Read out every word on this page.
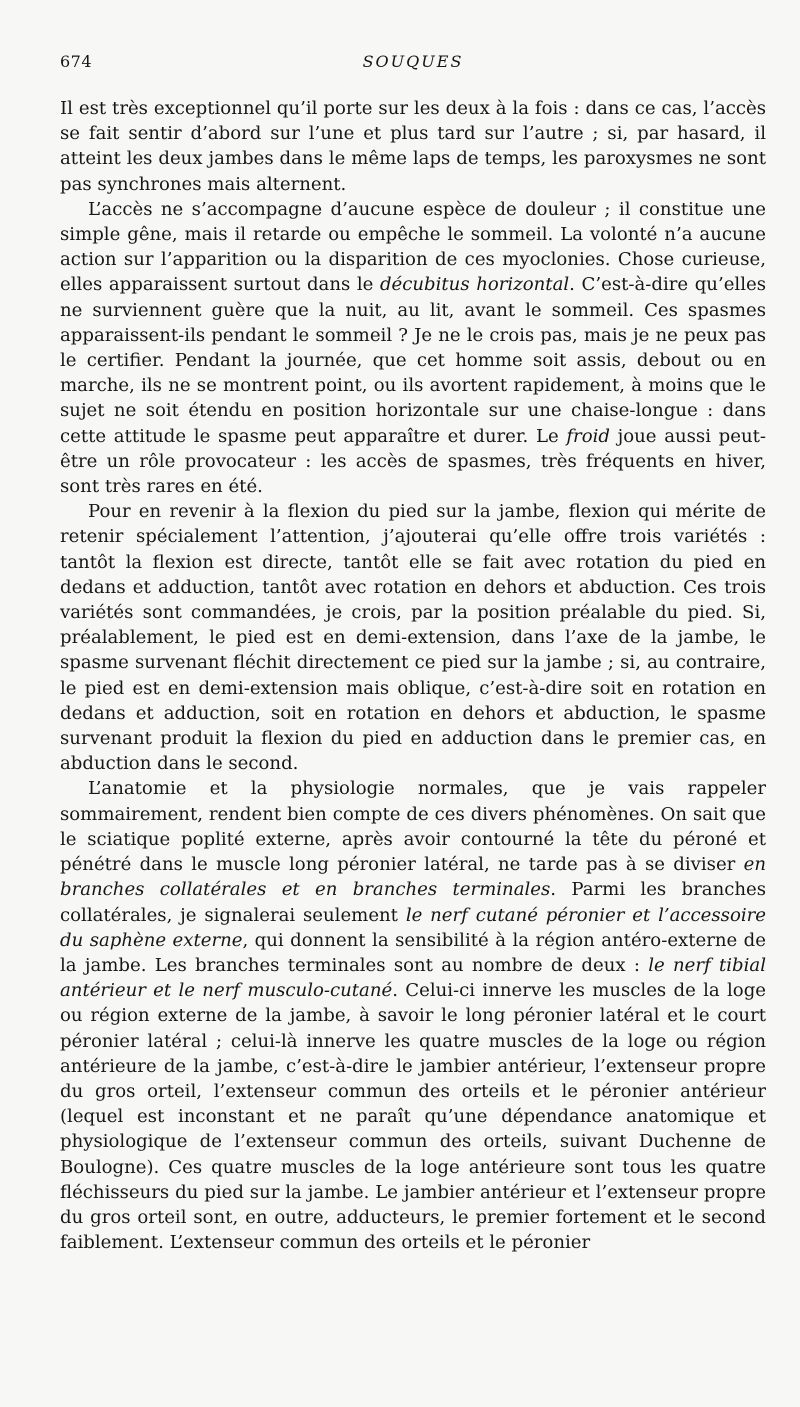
674	SOUQUES

Il est très exceptionnel qu’il porte sur les deux à la fois : dans ce cas, l’accès se fait sentir d’abord sur l’une et plus tard sur l’autre ; si, par hasard, il atteint les deux jambes dans le même laps de temps, les paroxysmes ne sont pas synchrones mais alternent.

L’accès ne s’accompagne d’aucune espèce de douleur ; il constitue une simple gêne, mais il retarde ou empêche le sommeil. La volonté n’a aucune action sur l’apparition ou la disparition de ces myoclonies. Chose curieuse, elles apparaissent surtout dans le décubitus horizontal. C’est-à-dire qu’elles ne surviennent guère que la nuit, au lit, avant le sommeil. Ces spasmes apparaissent-ils pendant le sommeil ? Je ne le crois pas, mais je ne peux pas le certifier. Pendant la journée, que cet homme soit assis, debout ou en marche, ils ne se montrent point, ou ils avortent rapidement, à moins que le sujet ne soit étendu en position horizontale sur une chaise-longue : dans cette attitude le spasme peut apparaître et durer. Le froid joue aussi peut-être un rôle provocateur : les accès de spasmes, très fréquents en hiver, sont très rares en été.

Pour en revenir à la flexion du pied sur la jambe, flexion qui mérite de retenir spécialement l’attention, j’ajouterai qu’elle offre trois variétés : tantôt la flexion est directe, tantôt elle se fait avec rotation du pied en dedans et adduction, tantôt avec rotation en dehors et abduction. Ces trois variétés sont commandées, je crois, par la position préalable du pied. Si, préalablement, le pied est en demi-extension, dans l’axe de la jambe, le spasme survenant fléchit directement ce pied sur la jambe ; si, au contraire, le pied est en demi-extension mais oblique, c’est-à-dire soit en rotation en dedans et adduction, soit en rotation en dehors et abduction, le spasme survenant produit la flexion du pied en adduction dans le premier cas, en abduction dans le second.

L’anatomie et la physiologie normales, que je vais rappeler sommairement, rendent bien compte de ces divers phénomènes. On sait que le sciatique poplité externe, après avoir contourné la tête du péroné et pénétré dans le muscle long péronier latéral, ne tarde pas à se diviser en branches collatérales et en branches terminales. Parmi les branches collatérales, je signalerai seulement le nerf cutané péronier et l’accessoire du saphène externe, qui donnent la sensibilité à la région antéro-externe de la jambe. Les branches terminales sont au nombre de deux : le nerf tibial antérieur et le nerf musculo-cutané. Celui-ci innerve les muscles de la loge ou région externe de la jambe, à savoir le long péronier latéral et le court péronier latéral ; celui-là innerve les quatre muscles de la loge ou région antérieure de la jambe, c’est-à-dire le jambier antérieur, l’extenseur propre du gros orteil, l’extenseur commun des orteils et le péronier antérieur (lequel est inconstant et ne paraît qu’une dépendance anatomique et physiologique de l’extenseur commun des orteils, suivant Duchenne de Boulogne). Ces quatre muscles de la loge antérieure sont tous les quatre fléchisseurs du pied sur la jambe. Le jambier antérieur et l’extenseur propre du gros orteil sont, en outre, adducteurs, le premier fortement et le second faiblement. L’extenseur commun des orteils et le péronier
